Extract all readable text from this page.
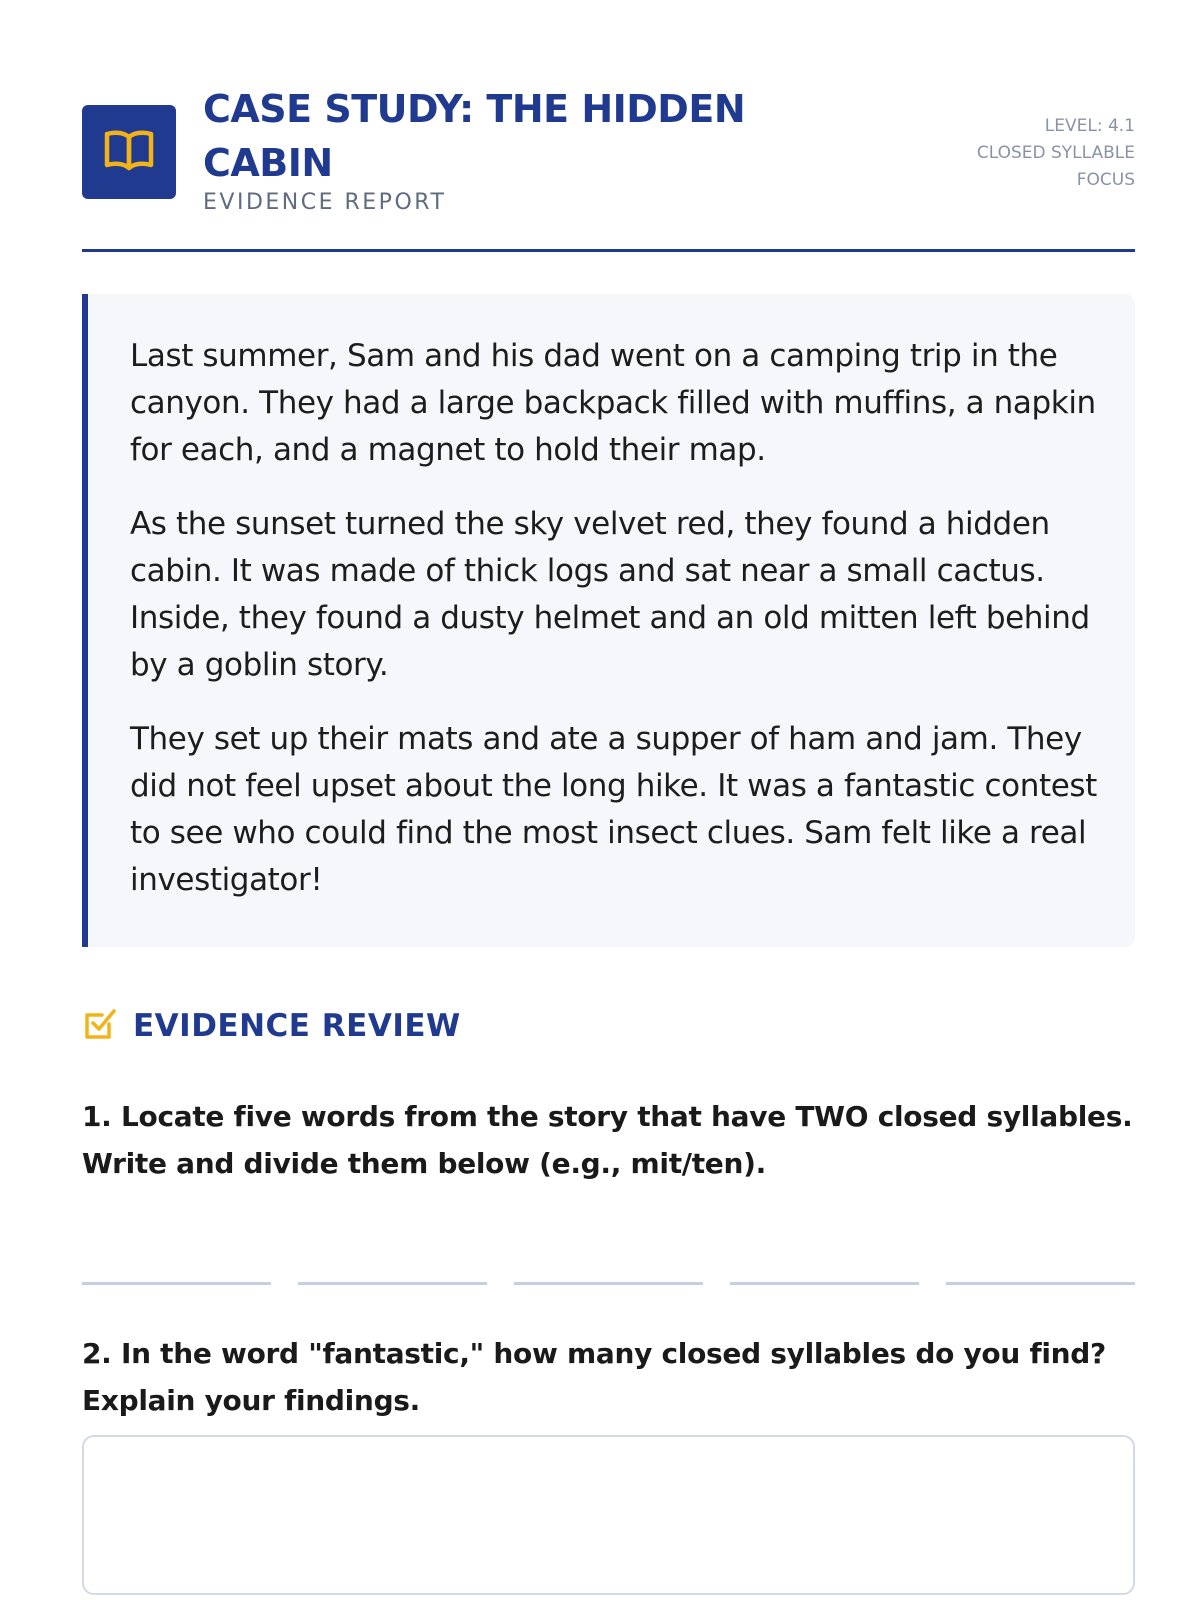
CASE STUDY: THE HIDDEN CABIN
EVIDENCE REPORT
LEVEL: 4.1
CLOSED SYLLABLE
FOCUS

Last summer, Sam and his dad went on a camping trip in the canyon. They had a large backpack filled with muffins, a napkin for each, and a magnet to hold their map.

As the sunset turned the sky velvet red, they found a hidden cabin. It was made of thick logs and sat near a small cactus. Inside, they found a dusty helmet and an old mitten left behind by a goblin story.

They set up their mats and ate a supper of ham and jam. They did not feel upset about the long hike. It was a fantastic contest to see who could find the most insect clues. Sam felt like a real investigator!

EVIDENCE REVIEW
1. Locate five words from the story that have TWO closed syllables. Write and divide them below (e.g., mit/ten).
2. In the word "fantastic," how many closed syllables do you find? Explain your findings.
